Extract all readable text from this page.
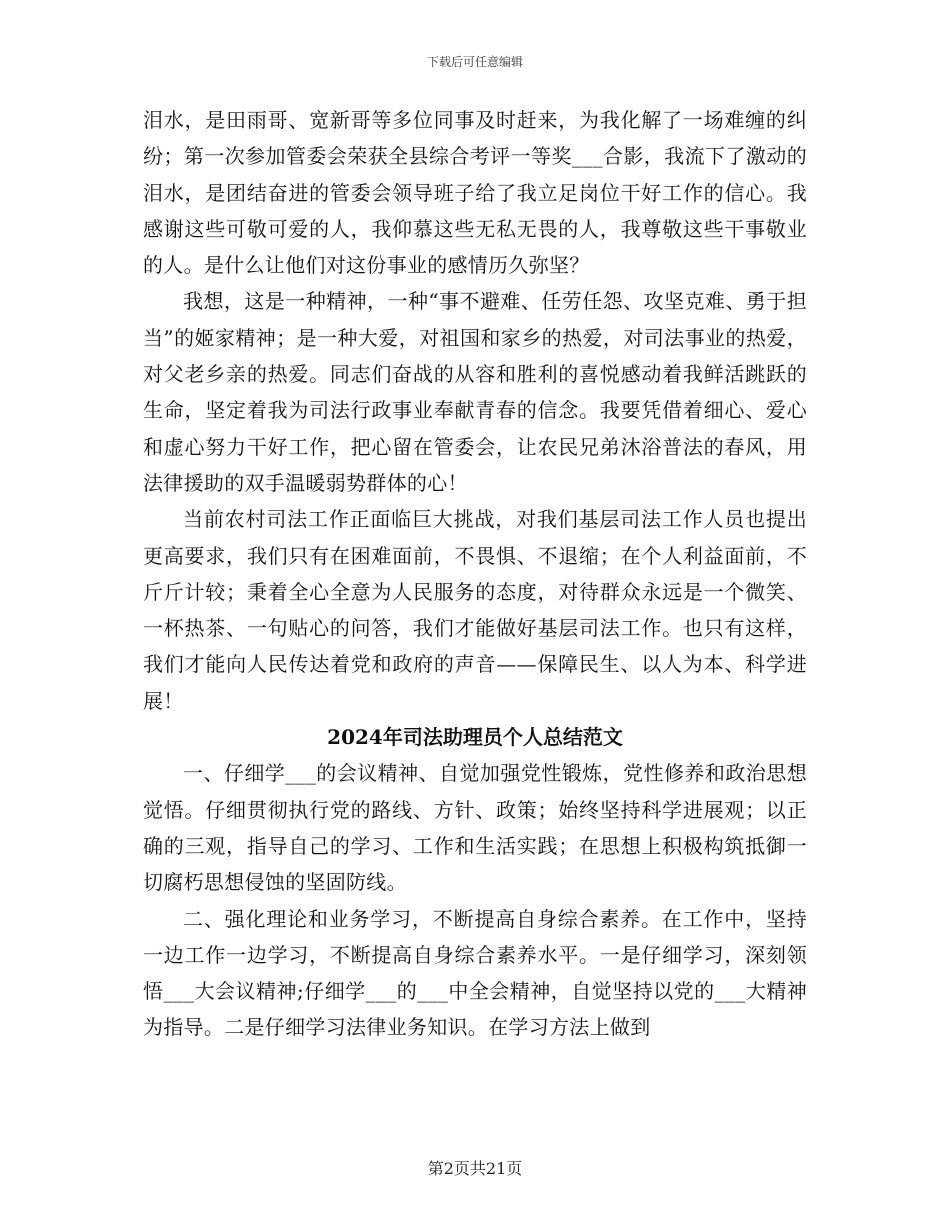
下载后可任意编辑

泪水，是田雨哥、宽新哥等多位同事及时赶来，为我化解了一场难缠的纠纷；第一次参加管委会荣获全县综合考评一等奖___合影，我流下了激动的泪水，是团结奋进的管委会领导班子给了我立足岗位干好工作的信心。我感谢这些可敬可爱的人，我仰慕这些无私无畏的人，我尊敬这些干事敬业的人。是什么让他们对这份事业的感情历久弥坚？

我想，这是一种精神，一种“事不避难、任劳任怨、攻坚克难、勇于担当”的姬家精神；是一种大爱，对祖国和家乡的热爱，对司法事业的热爱，对父老乡亲的热爱。同志们奋战的从容和胜利的喜悦感动着我鲜活跳跃的生命，坚定着我为司法行政事业奉献青春的信念。我要凭借着细心、爱心和虚心努力干好工作，把心留在管委会，让农民兄弟沐浴普法的春风，用法律援助的双手温暖弱势群体的心！

当前农村司法工作正面临巨大挑战，对我们基层司法工作人员也提出更高要求，我们只有在困难面前，不畏惧、不退缩；在个人利益面前，不斤斤计较；秉着全心全意为人民服务的态度，对待群众永远是一个微笑、一杯热茶、一句贴心的问答，我们才能做好基层司法工作。也只有这样，我们才能向人民传达着党和政府的声音——保障民生、以人为本、科学进展！

2024年司法助理员个人总结范文

一、仔细学___的会议精神、自觉加强党性锻炼，党性修养和政治思想觉悟。仔细贯彻执行党的路线、方针、政策；始终坚持科学进展观；以正确的三观，指导自己的学习、工作和生活实践；在思想上积极构筑抵御一切腐朽思想侵蚀的坚固防线。

二、强化理论和业务学习，不断提高自身综合素养。在工作中，坚持一边工作一边学习，不断提高自身综合素养水平。一是仔细学习，深刻领悟___大会议精神;仔细学___的___中全会精神，自觉坚持以党的___大精神为指导。二是仔细学习法律业务知识。在学习方法上做到

第2页共21页
